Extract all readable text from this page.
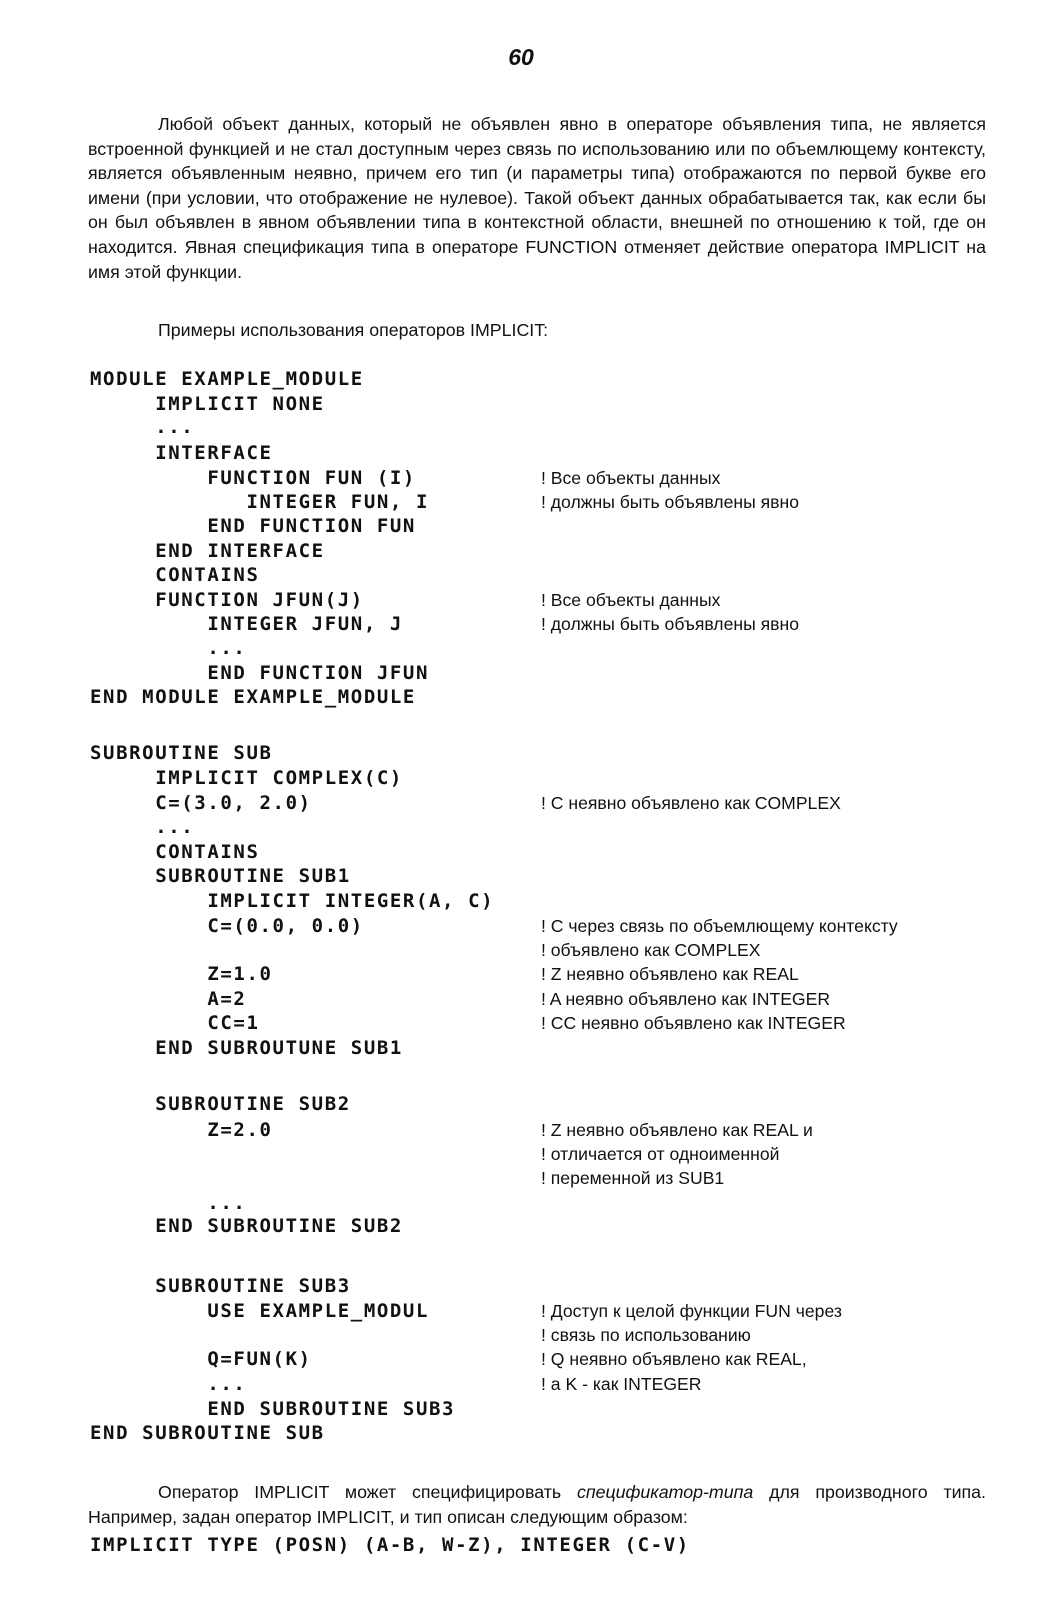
60

Любой объект данных, который не объявлен явно в операторе объявления типа, не является встроенной функцией и не стал доступным через связь по использованию или по объемлющему контексту, является объявленным неявно, причем его тип (и параметры типа) отображаются по первой букве его имени (при условии, что отображение не нулевое). Такой объект данных обрабатывается так, как если бы он был объявлен в явном объявлении типа в контекстной области, внешней по отношению к той, где он находится. Явная спецификация типа в операторе FUNCTION отменяет действие оператора IMPLICIT на имя этой функции.

Примеры использования операторов IMPLICIT:

MODULE EXAMPLE_MODULE
IMPLICIT NONE
...
INTERFACE
FUNCTION FUN (I)	! Все объекты данных
INTEGER FUN, I	! должны быть объявлены явно
END FUNCTION FUN
END INTERFACE
CONTAINS
FUNCTION JFUN(J)	! Все объекты данных
INTEGER JFUN, J	! должны быть объявлены явно
...
END FUNCTION JFUN
END MODULE EXAMPLE_MODULE
SUBROUTINE SUB
IMPLICIT COMPLEX(C)
C=(3.0, 2.0)	! C неявно объявлено как COMPLEX
...
CONTAINS
SUBROUTINE SUB1
IMPLICIT INTEGER(A, C)
C=(0.0, 0.0)	! C через связь по объемлющему контексту
! объявлено как COMPLEX
Z=1.0	! Z неявно объявлено как REAL
A=2	! A неявно объявлено как INTEGER
CC=1	! CC неявно объявлено как INTEGER
END SUBROUTUNE SUB1
SUBROUTINE SUB2
Z=2.0	! Z неявно объявлено как REAL и
! отличается от одноименной
! переменной из SUB1
...
END SUBROUTINE SUB2
SUBROUTINE SUB3
USE EXAMPLE_MODUL	! Доступ к целой функции FUN через
! связь по использованию
Q=FUN(K)	! Q неявно объявлено как REAL,
...	! а K - как INTEGER
END SUBROUTINE SUB3
END SUBROUTINE SUB

Оператор IMPLICIT может специфицировать спецификатор-типа для производного типа. Например, задан оператор IMPLICIT, и тип описан следующим образом:

IMPLICIT TYPE (POSN) (A-B, W-Z), INTEGER (C-V)
